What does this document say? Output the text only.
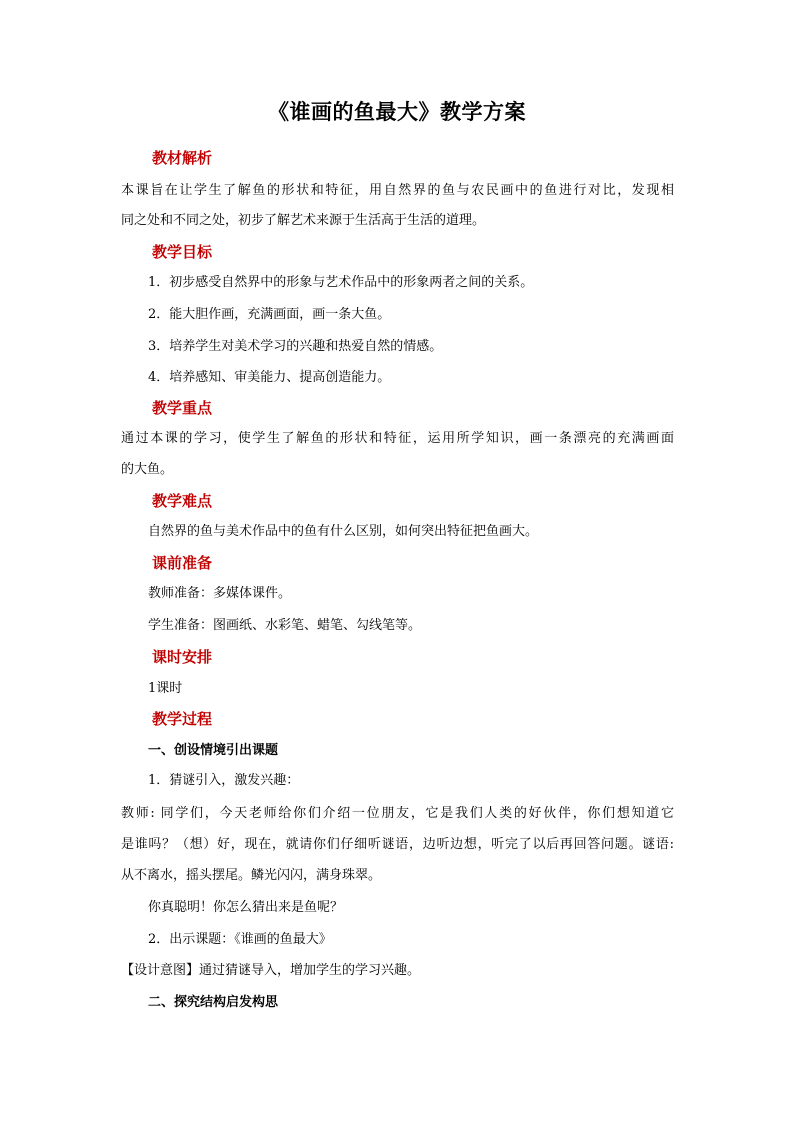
《谁画的鱼最大》教学方案
教材解析
本课旨在让学生了解鱼的形状和特征，用自然界的鱼与农民画中的鱼进行对比，发现相
同之处和不同之处，初步了解艺术来源于生活高于生活的道理。
教学目标
1．初步感受自然界中的形象与艺术作品中的形象两者之间的关系。
2．能大胆作画，充满画面，画一条大鱼。
3．培养学生对美术学习的兴趣和热爱自然的情感。
4．培养感知、审美能力、提高创造能力。
教学重点
通过本课的学习，使学生了解鱼的形状和特征，运用所学知识，画一条漂亮的充满画面
的大鱼。
教学难点
自然界的鱼与美术作品中的鱼有什么区别，如何突出特征把鱼画大。
课前准备
教师准备：多媒体课件。
学生准备：图画纸、水彩笔、蜡笔、勾线笔等。
课时安排
1课时
教学过程
一、创设情境引出课题
1．猜谜引入，激发兴趣：
教师: 同学们，今天老师给你们介绍一位朋友，它是我们人类的好伙伴，你们想知道它
是谁吗？（想）好，现在，就请你们仔细听谜语，边听边想，听完了以后再回答问题。谜语:
从不离水，摇头摆尾。鳞光闪闪，满身珠翠。
你真聪明！你怎么猜出来是鱼呢？
2．出示课题：《谁画的鱼最大》
【设计意图】通过猜谜导入，增加学生的学习兴趣。
二、探究结构启发构思
